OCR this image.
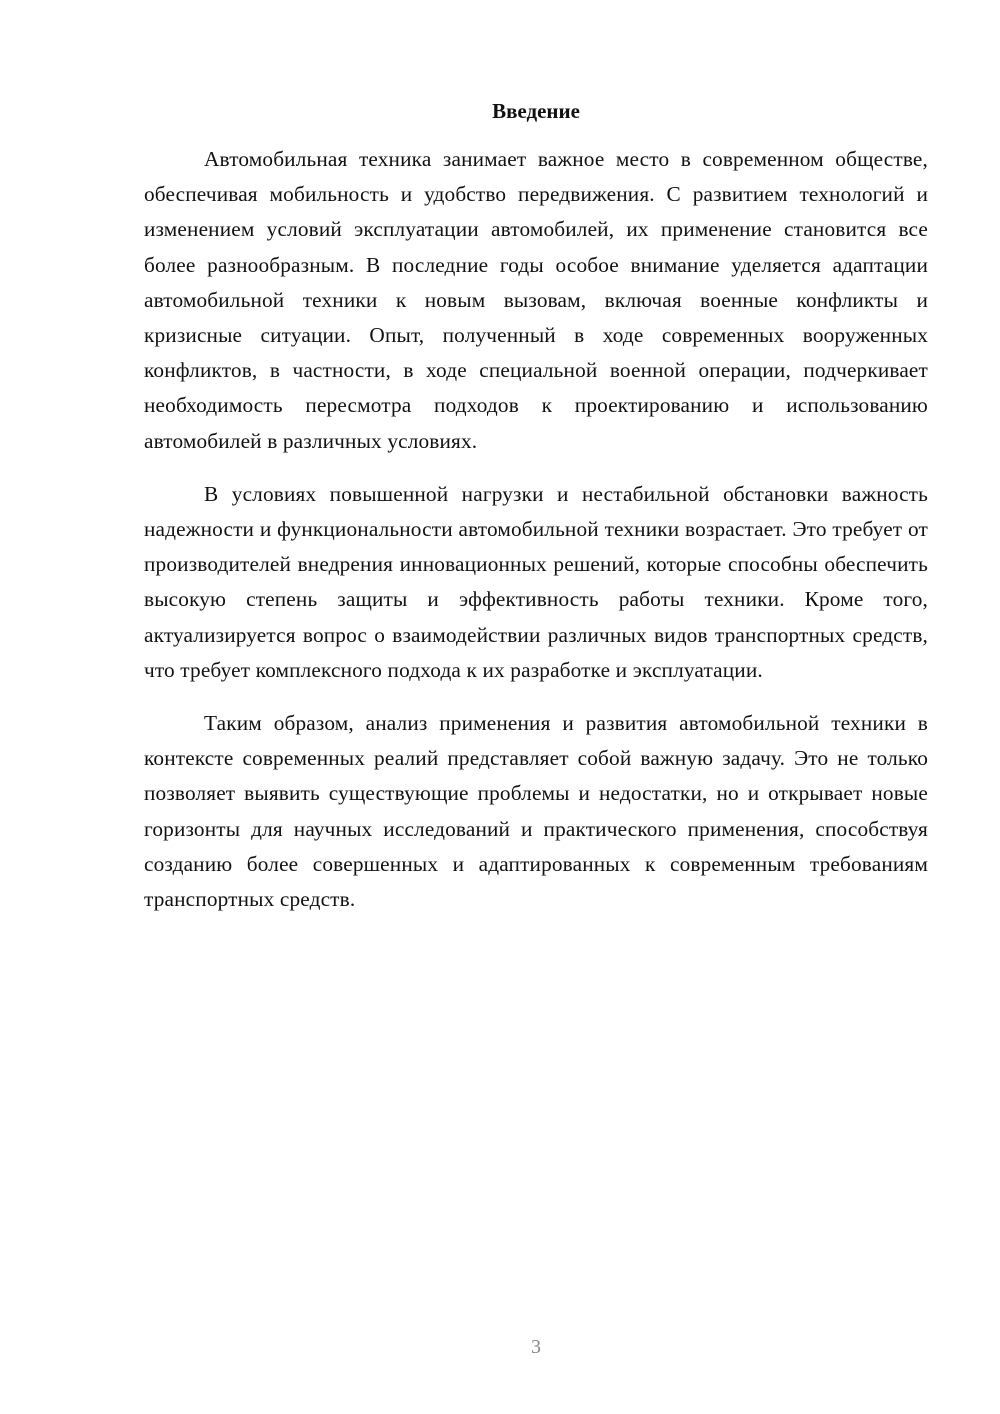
Введение

Автомобильная техника занимает важное место в современном обществе, обеспечивая мобильность и удобство передвижения. С развитием технологий и изменением условий эксплуатации автомобилей, их применение становится все более разнообразным. В последние годы особое внимание уделяется адаптации автомобильной техники к новым вызовам, включая военные конфликты и кризисные ситуации. Опыт, полученный в ходе современных вооруженных конфликтов, в частности, в ходе специальной военной операции, подчеркивает необходимость пересмотра подходов к проектированию и использованию автомобилей в различных условиях.

В условиях повышенной нагрузки и нестабильной обстановки важность надежности и функциональности автомобильной техники возрастает. Это требует от производителей внедрения инновационных решений, которые способны обеспечить высокую степень защиты и эффективность работы техники. Кроме того, актуализируется вопрос о взаимодействии различных видов транспортных средств, что требует комплексного подхода к их разработке и эксплуатации.

Таким образом, анализ применения и развития автомобильной техники в контексте современных реалий представляет собой важную задачу. Это не только позволяет выявить существующие проблемы и недостатки, но и открывает новые горизонты для научных исследований и практического применения, способствуя созданию более совершенных и адаптированных к современным требованиям транспортных средств.

3
